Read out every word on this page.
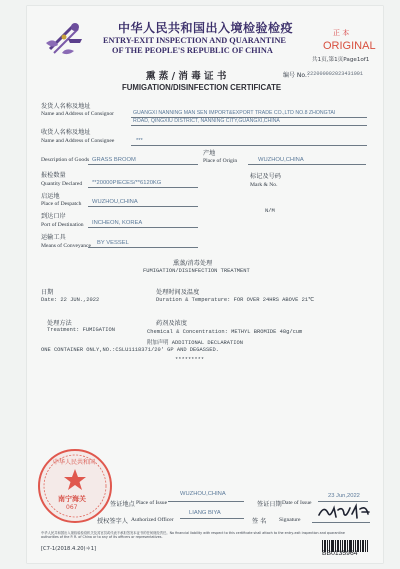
中华人民共和国出入境检验检疫
ENTRY-EXIT INSPECTION AND QUARANTINE
OF THE PEOPLE'S REPUBLIC OF CHINA
正 本
ORIGINAL
共1页,第1页Page1of1
熏 蒸 / 消 毒 证 书	编号 No.：
222000002023431001
FUMIGATION/DISINFECTION CERTIFICATE
发货人名称及地址
Name and Address of Consignor	GUANGXI NANNING MAN SEN IMPORT&EXPORT TRADE CO.,LTD NO.8 ZHONGTAI
ROAD, QINGXIU DISTRICT, NANNING CITY,GUANGXI,CHINA
收货人名称及地址
Name and Address of Consignee	***
Description of Goods GRASS BROOM
产地
Place of Origin	WUZHOU,CHINA
报检数量
Quantity Declared **20000PIECES/**6120KG
标记及号码
Mark & No.
启运地
Place of Despatch WUZHOU,CHINA
N/M
到达口岸
Port of Destination INCHEON, KOREA
运输工具
Means of Conveyance BY VESSEL
熏蒸/消毒处理
FUMIGATION/DISINFECTION TREATMENT
日期
Date: 22 JUN.,2022
处理时间及温度
Duration & Temperature: FOR OVER 24HRS ABOVE 21℃
处理方法
Treatment: FUMIGATION
药剂及浓度
Chemical & Concentration: METHYL BROMIDE 48g/cum
附加声明 ADDITIONAL DECLARATION
ONE CONTAINER ONLY,NO.:CSLU1118371/20' GP AND DEGASSED.
*********
中华人民共和国
南宁海关
067	签证地点 Place of Issue
WUZHOU,CHINA
签证日期 Date of Issue
23 Jun,2022
授权签字人 Authorized Officer
LIANG BIYA
签 名 Signature
中华人民共和国出入境检验检疫机关及其官员或代表不承担签发本证书的任何财经责任。No financial liability with respect to this certificate shall attach to the entry-exit inspection and quarantine
authorities of the P. R. of China or to any of its officers or representatives.
[C7-1(2018.4.20)＊1]
BB0135964
